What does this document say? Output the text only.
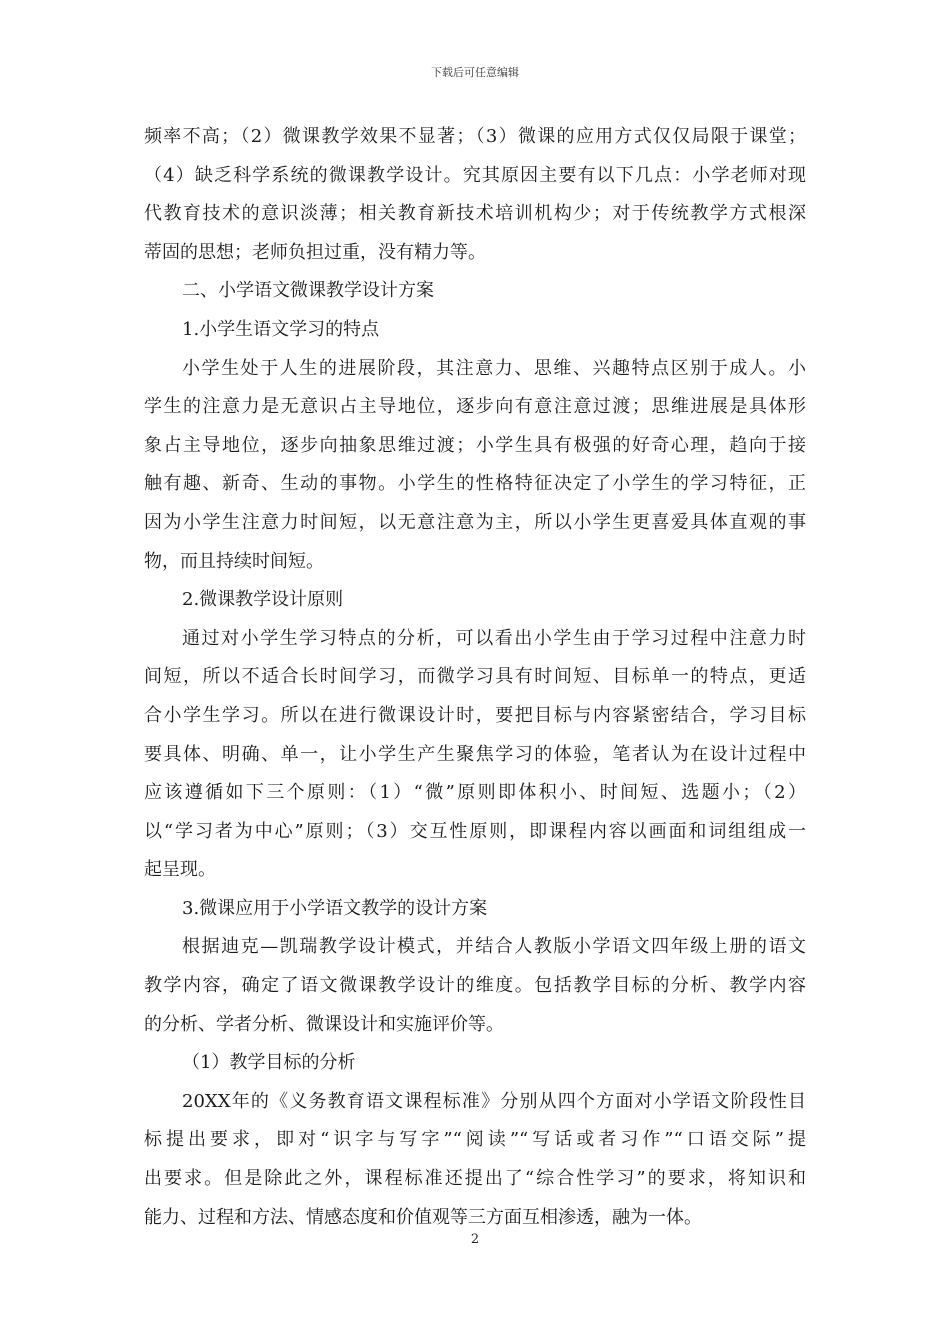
下载后可任意编辑
频率不高；（2）微课教学效果不显著；（3）微课的应用方式仅仅局限于课堂；
（4）缺乏科学系统的微课教学设计。究其原因主要有以下几点：小学老师对现
代教育技术的意识淡薄；相关教育新技术培训机构少；对于传统教学方式根深
蒂固的思想；老师负担过重，没有精力等。
二、小学语文微课教学设计方案
1.小学生语文学习的特点
小学生处于人生的进展阶段，其注意力、思维、兴趣特点区别于成人。小
学生的注意力是无意识占主导地位，逐步向有意注意过渡；思维进展是具体形
象占主导地位，逐步向抽象思维过渡；小学生具有极强的好奇心理，趋向于接
触有趣、新奇、生动的事物。小学生的性格特征决定了小学生的学习特征，正
因为小学生注意力时间短，以无意注意为主，所以小学生更喜爱具体直观的事
物，而且持续时间短。
2.微课教学设计原则
通过对小学生学习特点的分析，可以看出小学生由于学习过程中注意力时
间短，所以不适合长时间学习，而微学习具有时间短、目标单一的特点，更适
合小学生学习。所以在进行微课设计时，要把目标与内容紧密结合，学习目标
要具体、明确、单一，让小学生产生聚焦学习的体验，笔者认为在设计过程中
应该遵循如下三个原则：（1）“微”原则即体积小、时间短、选题小；（2）
以“学习者为中心”原则；（3）交互性原则，即课程内容以画面和词组组成一
起呈现。
3.微课应用于小学语文教学的设计方案
根据迪克—凯瑞教学设计模式，并结合人教版小学语文四年级上册的语文
教学内容，确定了语文微课教学设计的维度。包括教学目标的分析、教学内容
的分析、学者分析、微课设计和实施评价等。
（1）教学目标的分析
20XX年的《义务教育语文课程标准》分别从四个方面对小学语文阶段性目
标提出要求，即对“识字与写字”“阅读”“写话或者习作”“口语交际”提
出要求。但是除此之外，课程标准还提出了“综合性学习”的要求，将知识和
能力、过程和方法、情感态度和价值观等三方面互相渗透，融为一体。
2
